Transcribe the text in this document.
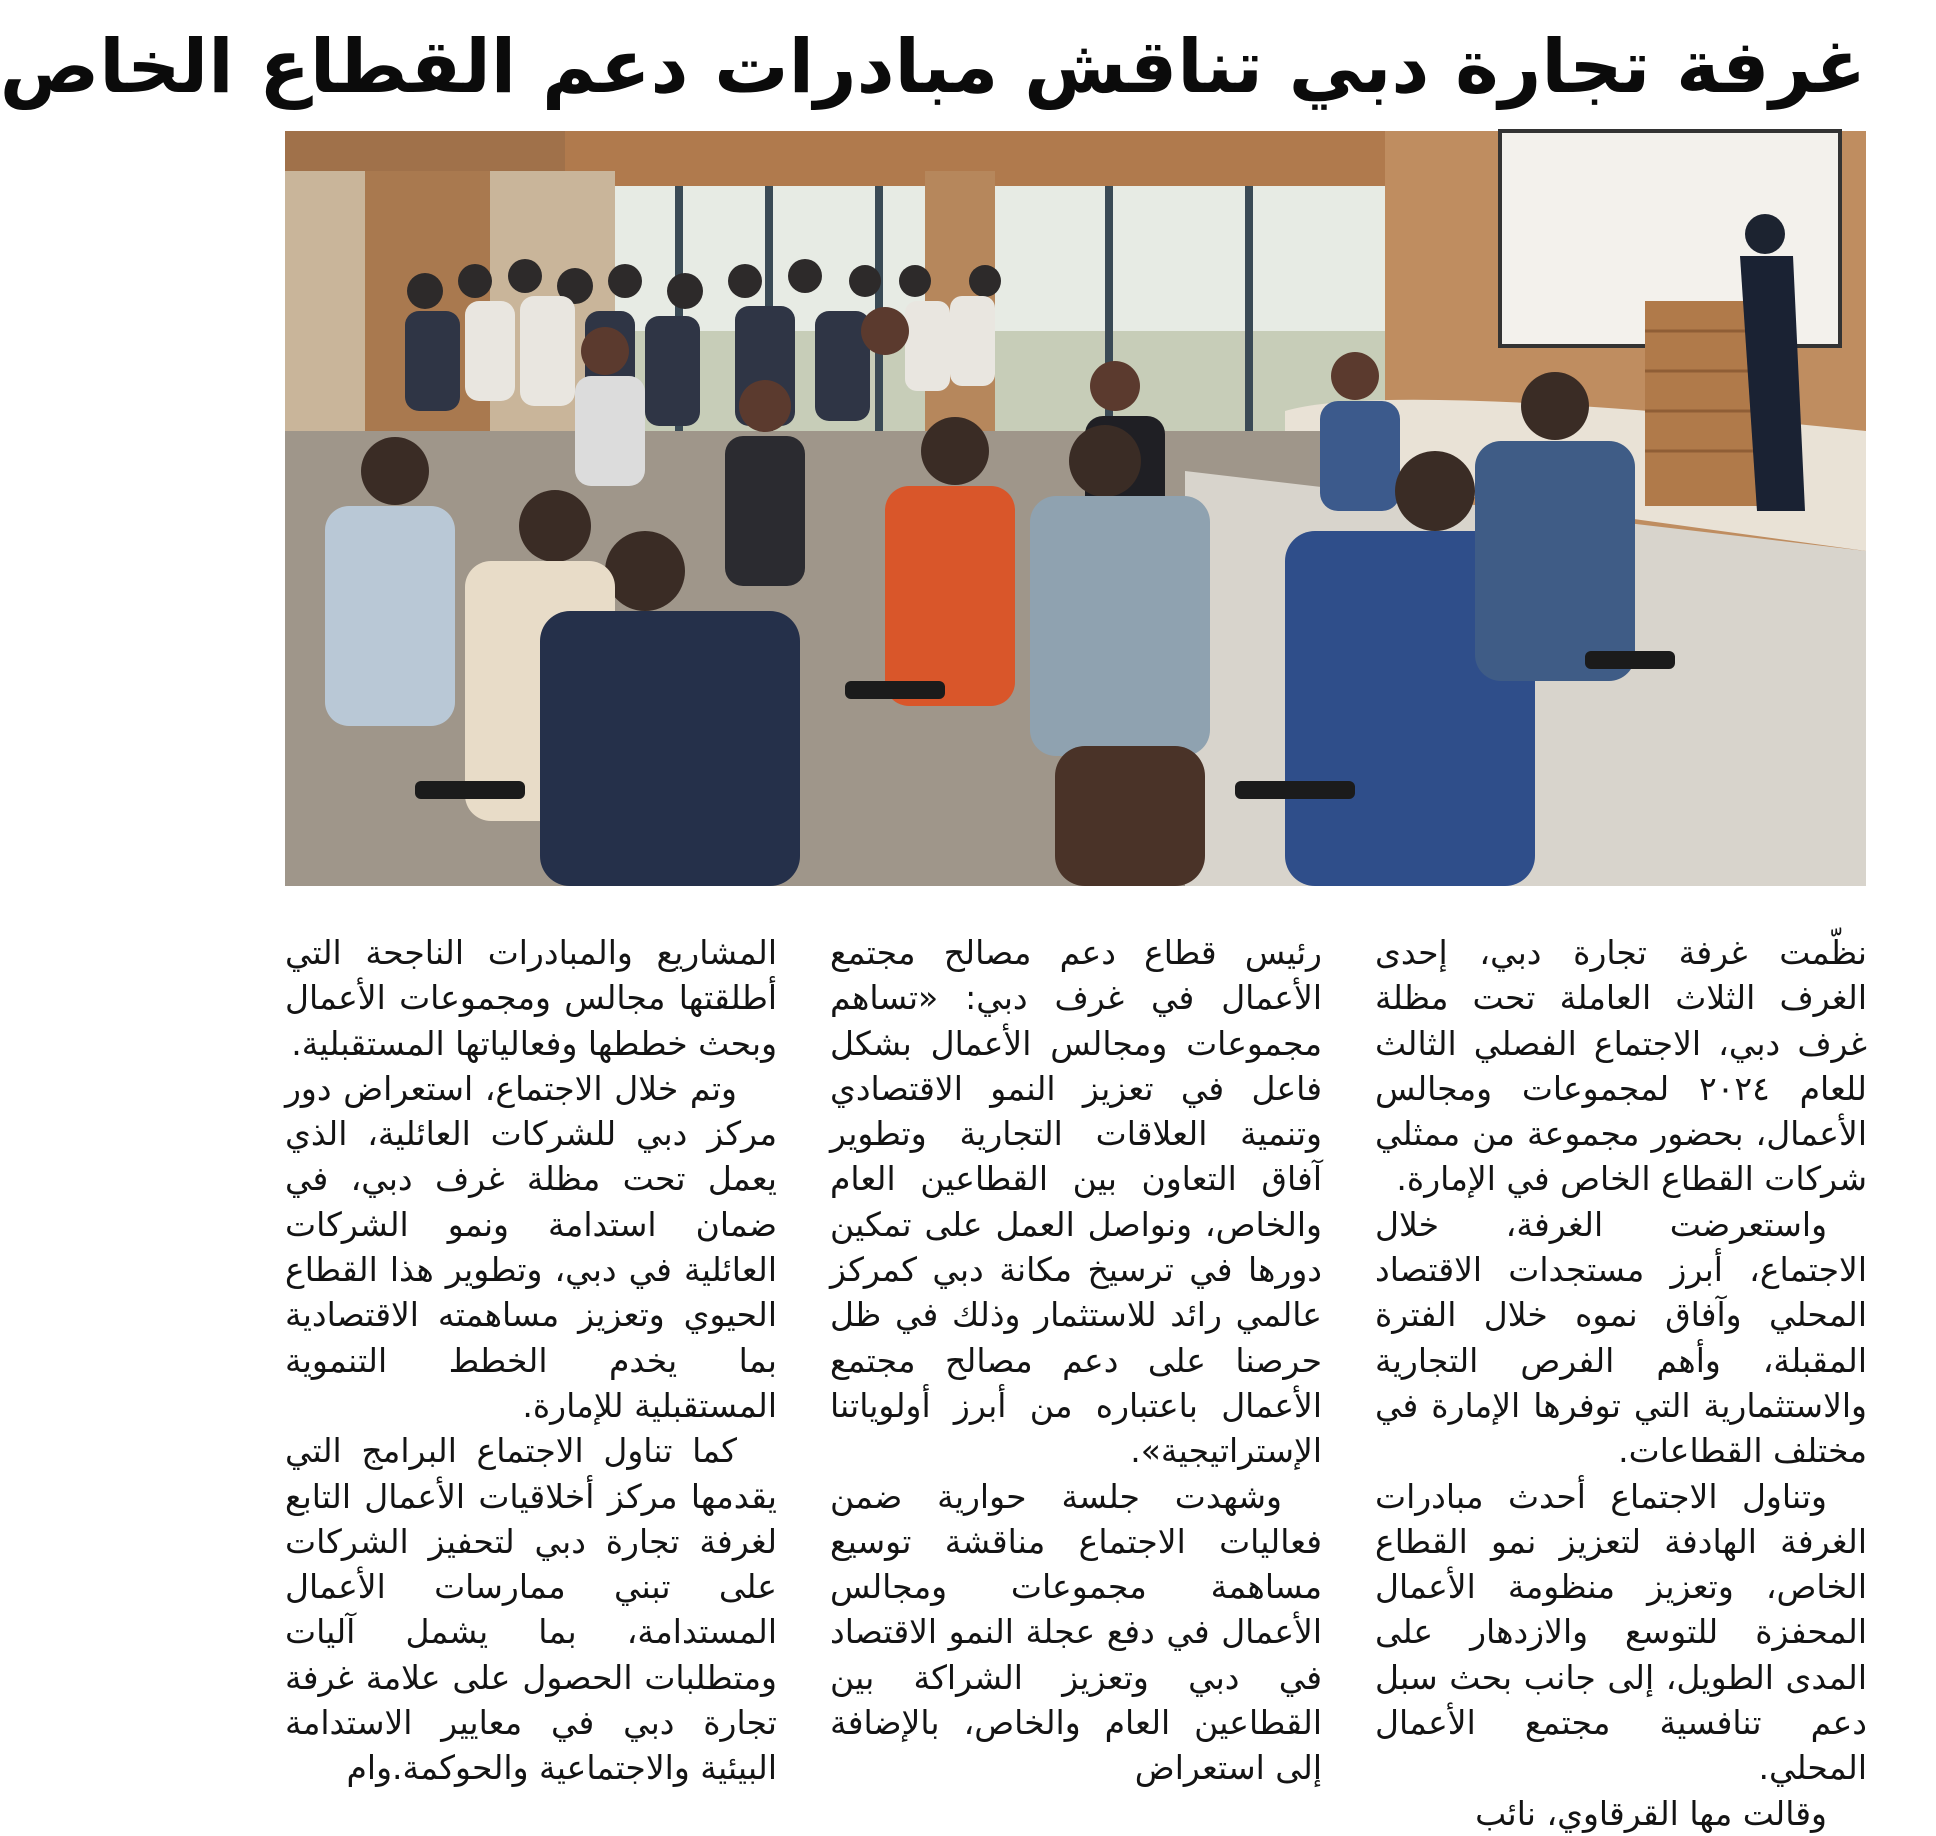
غرفة تجارة دبي تناقش مبادرات دعم القطاع الخاص

نظّمت غرفة تجارة دبي، إحدى الغرف الثلاث العاملة تحت مظلة غرف دبي، الاجتماع الفصلي الثالث للعام ٢٠٢٤ لمجموعات ومجالس الأعمال، بحضور مجموعة من ممثلي شركات القطاع الخاص في الإمارة.

واستعرضت الغرفة، خلال الاجتماع، أبرز مستجدات الاقتصاد المحلي وآفاق نموه خلال الفترة المقبلة، وأهم الفرص التجارية والاستثمارية التي توفرها الإمارة في مختلف القطاعات.

وتناول الاجتماع أحدث مبادرات الغرفة الهادفة لتعزيز نمو القطاع الخاص، وتعزيز منظومة الأعمال المحفزة للتوسع والازدهار على المدى الطويل، إلى جانب بحث سبل دعم تنافسية مجتمع الأعمال المحلي.

وقالت مها القرقاوي، نائب

رئيس قطاع دعم مصالح مجتمع الأعمال في غرف دبي: «تساهم مجموعات ومجالس الأعمال بشكل فاعل في تعزيز النمو الاقتصادي وتنمية العلاقات التجارية وتطوير آفاق التعاون بين القطاعين العام والخاص، ونواصل العمل على تمكين دورها في ترسيخ مكانة دبي كمركز عالمي رائد للاستثمار وذلك في ظل حرصنا على دعم مصالح مجتمع الأعمال باعتباره من أبرز أولوياتنا الإستراتيجية».

وشهدت جلسة حوارية ضمن فعاليات الاجتماع مناقشة توسيع مساهمة مجموعات ومجالس الأعمال في دفع عجلة النمو الاقتصاد في دبي وتعزيز الشراكة بين القطاعين العام والخاص، بالإضافة إلى استعراض

المشاريع والمبادرات الناجحة التي أطلقتها مجالس ومجموعات الأعمال وبحث خططها وفعالياتها المستقبلية.

وتم خلال الاجتماع، استعراض دور مركز دبي للشركات العائلية، الذي يعمل تحت مظلة غرف دبي، في ضمان استدامة ونمو الشركات العائلية في دبي، وتطوير هذا القطاع الحيوي وتعزيز مساهمته الاقتصادية بما يخدم الخطط التنموية المستقبلية للإمارة.

كما تناول الاجتماع البرامج التي يقدمها مركز أخلاقيات الأعمال التابع لغرفة تجارة دبي لتحفيز الشركات على تبني ممارسات الأعمال المستدامة، بما يشمل آليات ومتطلبات الحصول على علامة غرفة تجارة دبي في معايير الاستدامة البيئية والاجتماعية والحوكمة.وام
